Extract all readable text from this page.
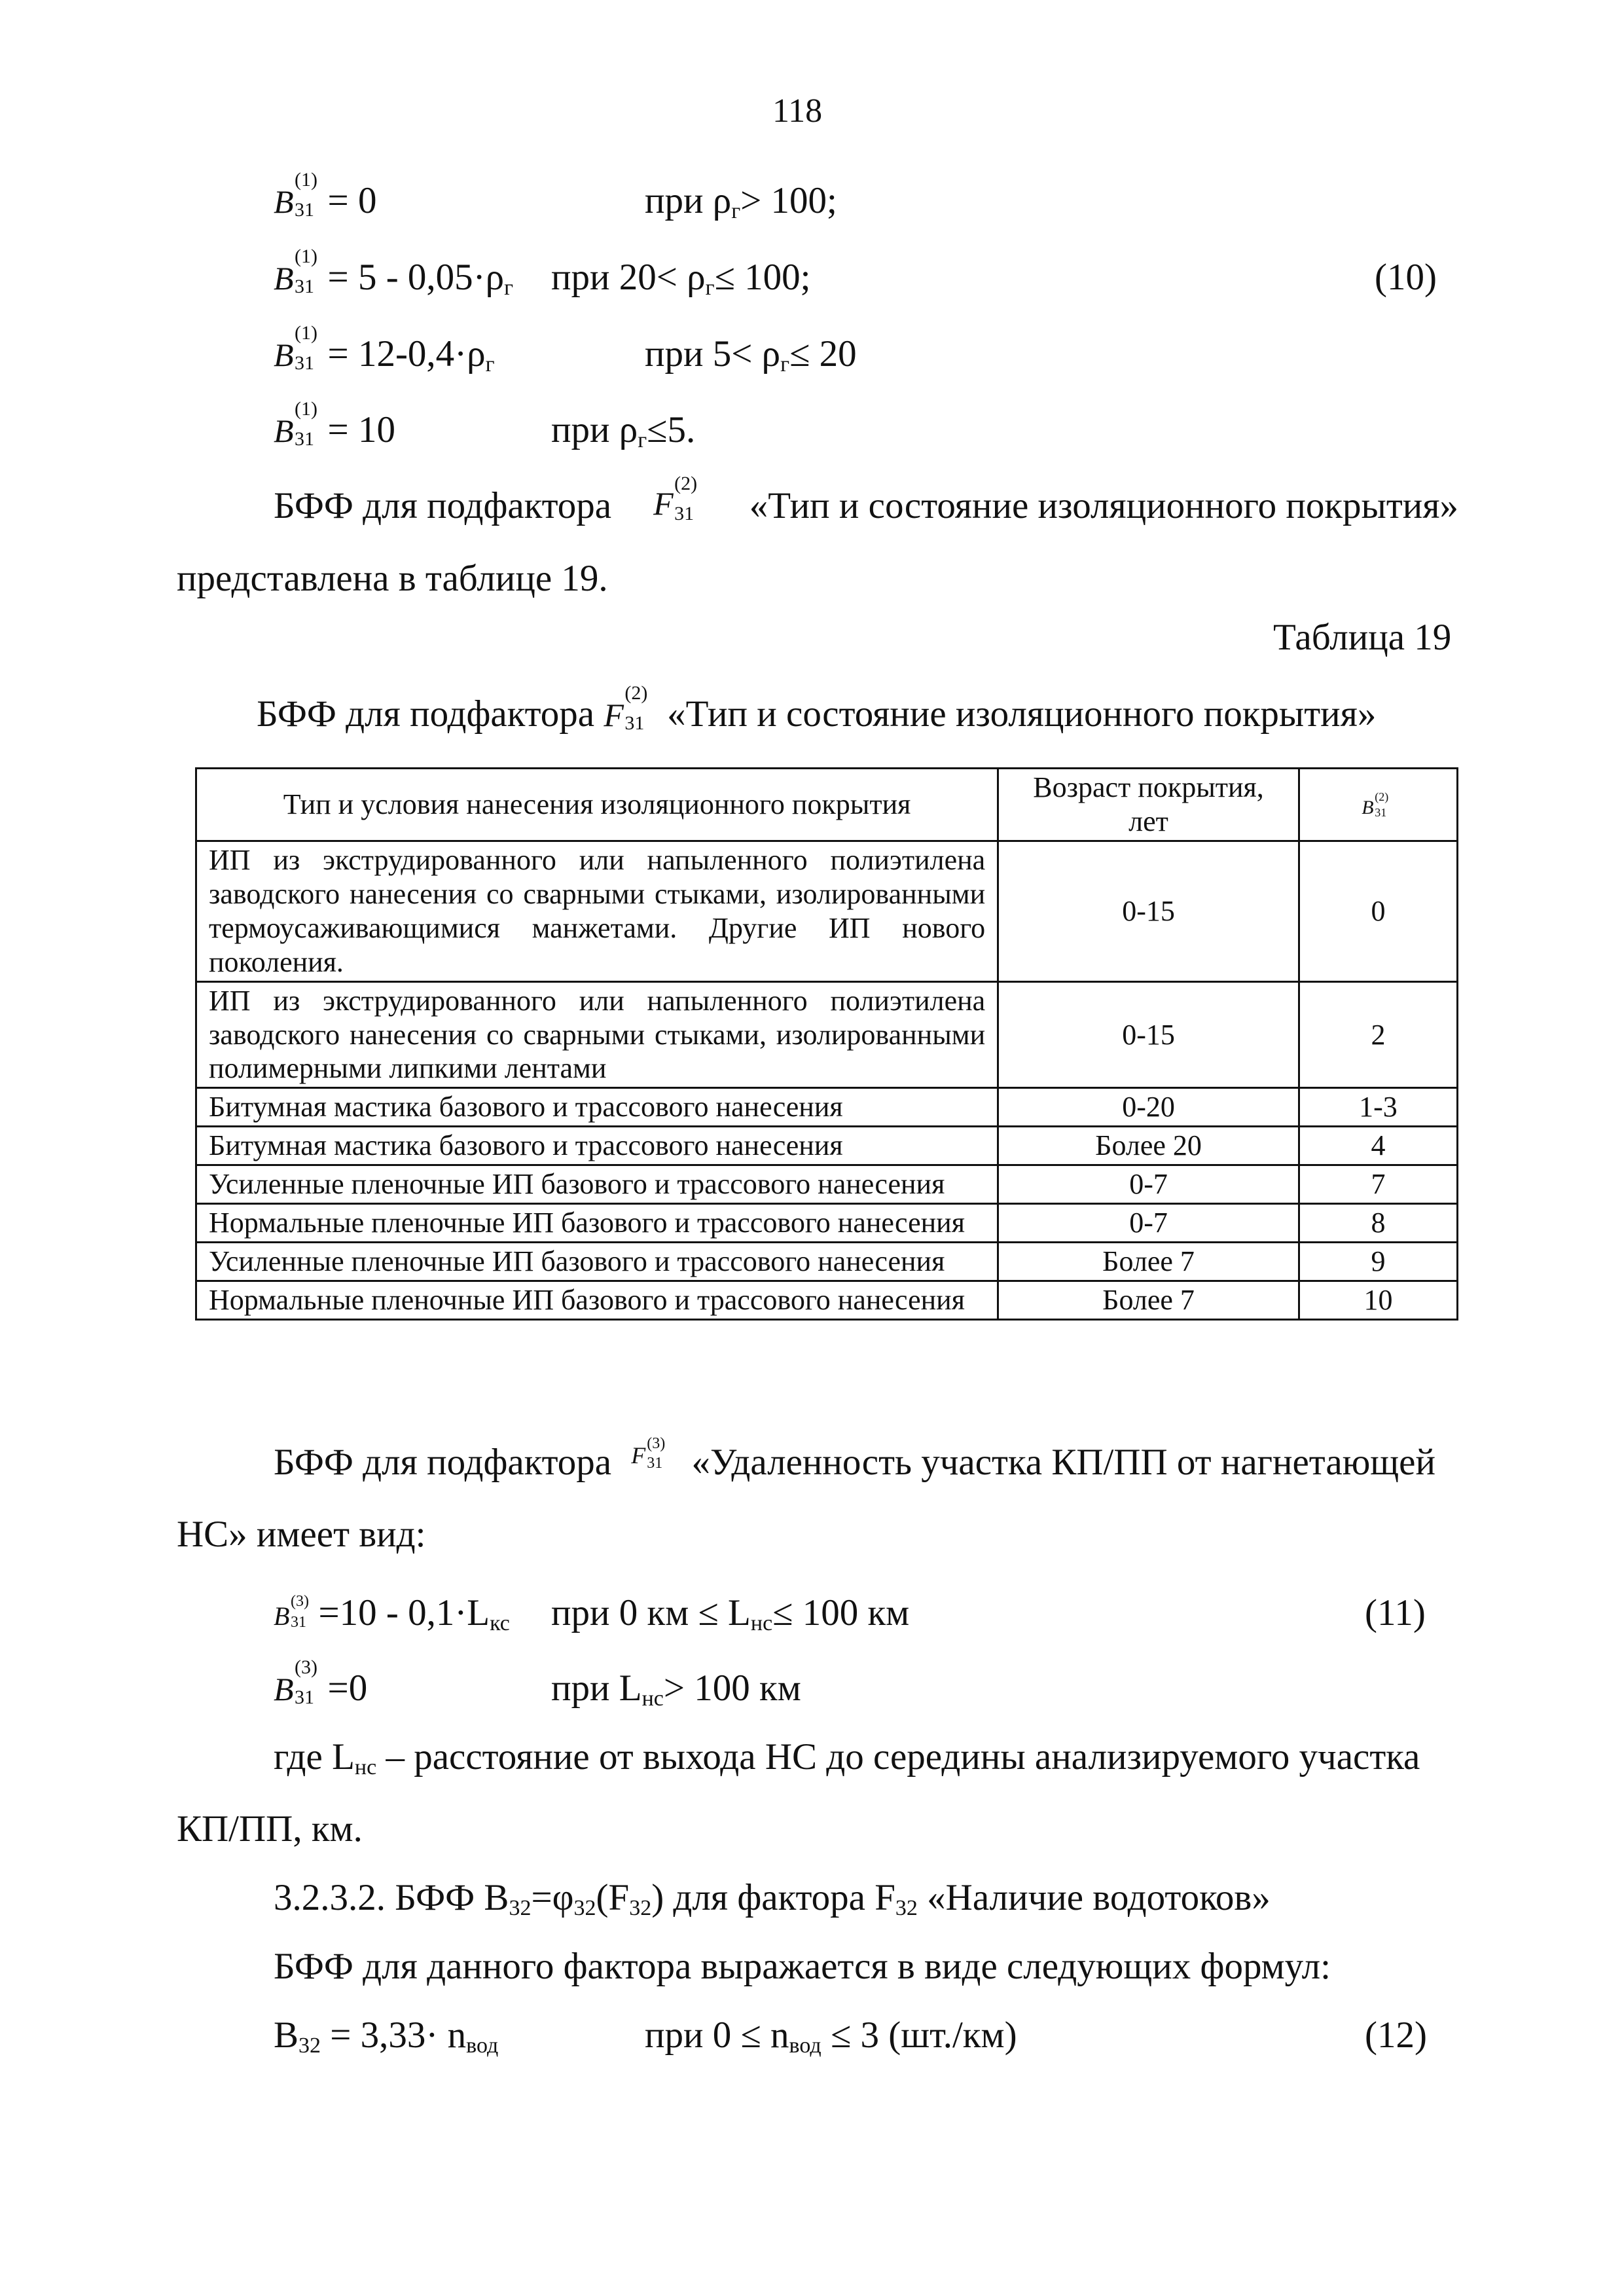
118
B
(1)
31 = 0	при ρг> 100;
B
(1)
31 = 5 - 0,05·ρг при 20< ρг≤ 100;	(10)
B
(1)
31 = 12-0,4·ρг	при 5< ρг≤ 20
B
(1)
31 = 10	при ρг≤5.
БФФ для подфактора F
(2)
31 «Тип и состояние изоляционного покрытия»
представлена в таблице 19.
Таблица 19
БФФ для подфактора F
(2)
31 «Тип и состояние изоляционного покрытия»
Тип и условия нанесения изоляционного покрытия	Возраст покрытия, лет	B (2)
31

ИП из экструдированного или напыленного полиэтилена заводского нанесения со сварными стыками, изолированными термоусаживающимися манжетами. Другие ИП нового поколения.	0-15	0
ИП из экструдированного или напыленного полиэтилена заводского нанесения со сварными стыками, изолированными полимерными липкими лентами	0-15	2
Битумная мастика базового и трассового нанесения	0-20	1-3
Битумная мастика базового и трассового нанесения	Более 20	4
Усиленные пленочные ИП базового и трассового нанесения	0-7	7
Нормальные пленочные ИП базового и трассового нанесения	0-7	8
Усиленные пленочные ИП базового и трассового нанесения	Более 7	9
Нормальные пленочные ИП базового и трассового нанесения	Более 7	10
БФФ для подфактора F (3)
31 «Удаленность участка КП/ПП от нагнетающей
НС» имеет вид:
B (3)
31 =10 - 0,1·Lкс при 0 км ≤ Lнс≤ 100 км	(11)
B
(3)
31 =0	при Lнс> 100 км
где Lнс – расстояние от выхода НС до середины анализируемого участка
КП/ПП, км.
3.2.3.2. БФФ В32=φ32(F32) для фактора F32 «Наличие водотоков»
БФФ для данного фактора выражается в виде следующих формул:
В32 = 3,33· nвод	при 0 ≤ nвод ≤ 3 (шт./км)	(12)
